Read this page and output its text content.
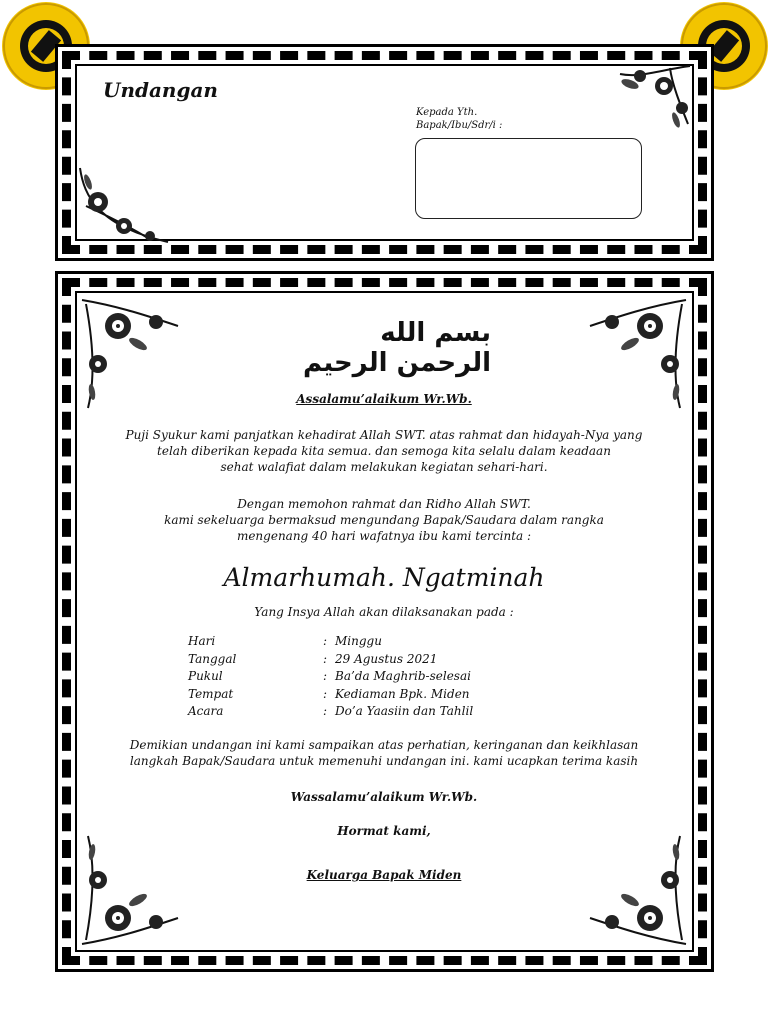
Undangan
Kepada Yth.
Bapak/Ibu/Sdr/i :
بسم الله الرحمن الرحيم
Assalamu’alaikum Wr.Wb.
Puji Syukur kami panjatkan kehadirat Allah SWT. atas rahmat dan hidayah-Nya yang
telah diberikan kepada kita semua. dan semoga kita selalu dalam keadaan
sehat walafiat dalam melakukan kegiatan sehari-hari.
Dengan memohon rahmat dan Ridho Allah SWT.
kami sekeluarga bermaksud mengundang Bapak/Saudara dalam rangka
mengenang 40 hari wafatnya ibu kami tercinta :
Almarhumah. Ngatminah
Yang Insya Allah akan dilaksanakan pada :
Hari	: Minggu
Tanggal	: 29 Agustus 2021
Pukul	: Ba’da Maghrib-selesai
Tempat	: Kediaman Bpk. Miden
Acara	: Do’a Yaasiin dan Tahlil
Demikian undangan ini kami sampaikan atas perhatian, keringanan dan keikhlasan
langkah Bapak/Saudara untuk memenuhi undangan ini. kami ucapkan terima kasih
Wassalamu’alaikum Wr.Wb.
Hormat kami,
Keluarga Bapak Miden
